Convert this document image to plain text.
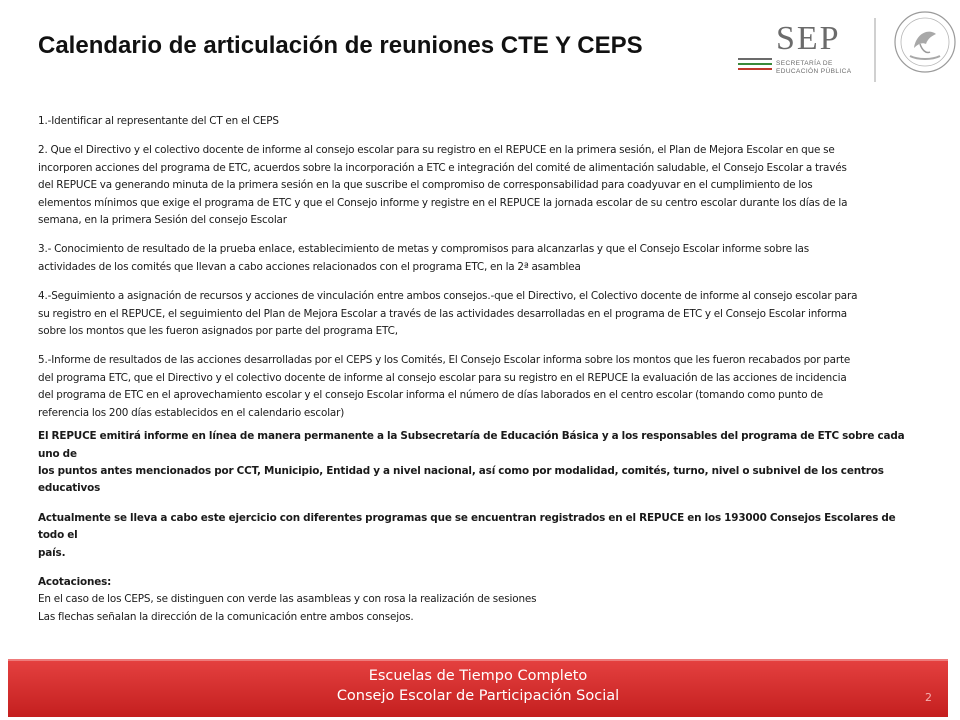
Calendario de articulación de reuniones CTE Y CEPS	SEP
SECRETARÍA DE
EDUCACIÓN PÚBLICA

1.-Identificar al representante del CT en el CEPS

2. Que el Directivo y el colectivo docente de informe al consejo escolar para su registro en el REPUCE en la primera sesión, el Plan de Mejora Escolar en que se

incorporen acciones del programa de ETC, acuerdos sobre la incorporación a ETC e integración del comité de alimentación saludable, el Consejo Escolar a través

del REPUCE va generando minuta de la primera sesión en la que suscribe el compromiso de corresponsabilidad para coadyuvar en el cumplimiento de los

elementos mínimos que exige el programa de ETC y que el Consejo informe y registre en el REPUCE la jornada escolar de su centro escolar durante los días de la

semana, en la primera Sesión del consejo Escolar

3.- Conocimiento de resultado de la prueba enlace, establecimiento de metas y compromisos para alcanzarlas y que el Consejo Escolar informe sobre las

actividades de los comités que llevan a cabo acciones relacionados con el programa ETC, en la 2ª asamblea

4.-Seguimiento a asignación de recursos y acciones de vinculación entre ambos consejos.-que el Directivo, el Colectivo docente de informe al consejo escolar para

su registro en el REPUCE, el seguimiento del Plan de Mejora Escolar a través de las actividades desarrolladas en el programa de ETC y el Consejo Escolar informa

sobre los montos que les fueron asignados por parte del programa ETC,

5.-Informe de resultados de las acciones desarrolladas por el CEPS y los Comités, El Consejo Escolar informa sobre los montos que les fueron recabados por parte

del programa ETC, que el Directivo y el colectivo docente de informe al consejo escolar para su registro en el REPUCE la evaluación de las acciones de incidencia

del programa de ETC en el aprovechamiento escolar y el consejo Escolar informa el número de días laborados en el centro escolar (tomando como punto de

referencia los 200 días establecidos en el calendario escolar)

El REPUCE emitirá informe en línea de manera permanente a la Subsecretaría de Educación Básica y a los responsables del programa de ETC sobre cada uno de

los puntos antes mencionados por CCT, Municipio, Entidad y a nivel nacional, así como por modalidad, comités, turno, nivel o subnivel de los centros

educativos

Actualmente se lleva a cabo este ejercicio con diferentes programas que se encuentran registrados en el REPUCE en los 193000 Consejos Escolares de todo el

país.

Acotaciones:

En el caso de los CEPS, se distinguen con verde las asambleas y con rosa la realización de sesiones

Las flechas señalan la dirección de la comunicación entre ambos consejos.

Escuelas de Tiempo Completo
Consejo Escolar de Participación Social	2
